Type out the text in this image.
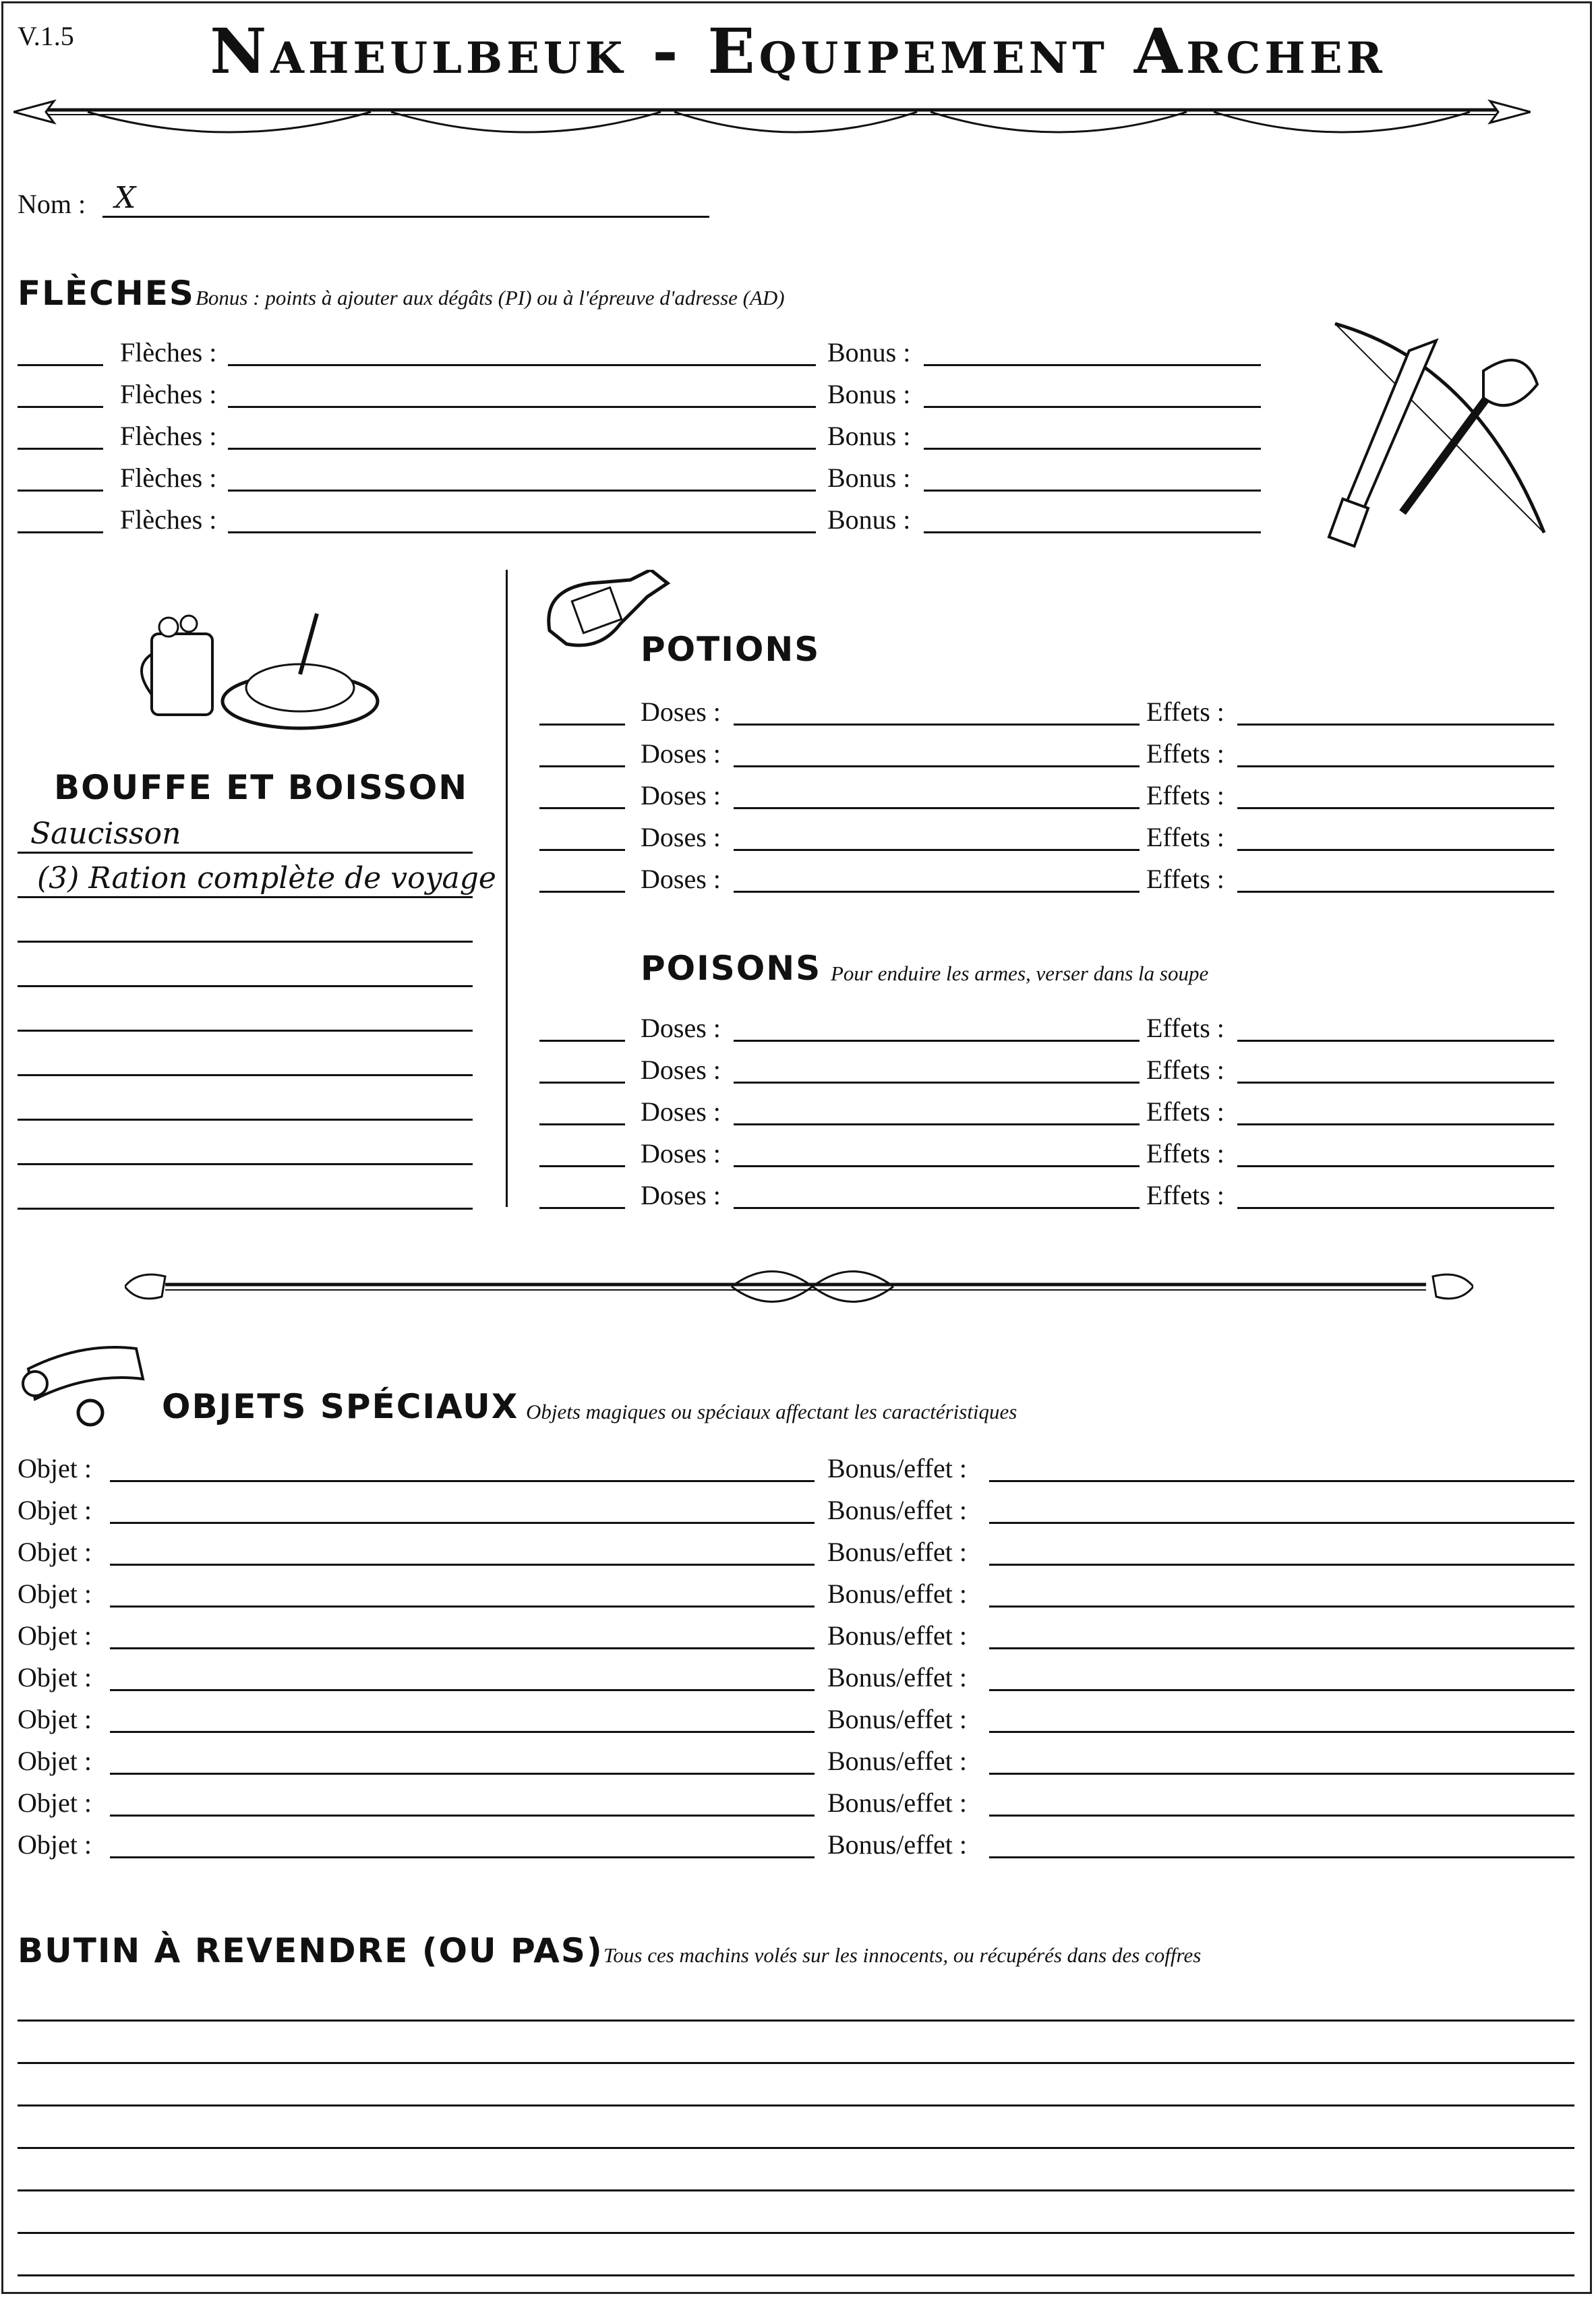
V.1.5	Naheulbeuk - Equipement Archer
Nom : X
FLÈCHES Bonus : points à ajouter aux dégâts (PI) ou à l'épreuve d'adresse (AD)
Flèches :	Bonus :
Flèches :	Bonus :
Flèches :	Bonus :
Flèches :	Bonus :
Flèches :	Bonus :
BOUFFE ET BOISSON
Saucisson
(3) Ration complète de voyage
POTIONS
Doses :	Effets :
Doses :	Effets :
Doses :	Effets :
Doses :	Effets :
Doses :	Effets :
POISONS Pour enduire les armes, verser dans la soupe
Doses :	Effets :
Doses :	Effets :
Doses :	Effets :
Doses :	Effets :
Doses :	Effets :
OBJETS SPÉCIAUX Objets magiques ou spéciaux affectant les caractéristiques
Objet :	Bonus/effet :
Objet :	Bonus/effet :
Objet :	Bonus/effet :
Objet :	Bonus/effet :
Objet :	Bonus/effet :
Objet :	Bonus/effet :
Objet :	Bonus/effet :
Objet :	Bonus/effet :
Objet :	Bonus/effet :
Objet :	Bonus/effet :
BUTIN À REVENDRE (OU PAS) Tous ces machins volés sur les innocents, ou récupérés dans des coffres
